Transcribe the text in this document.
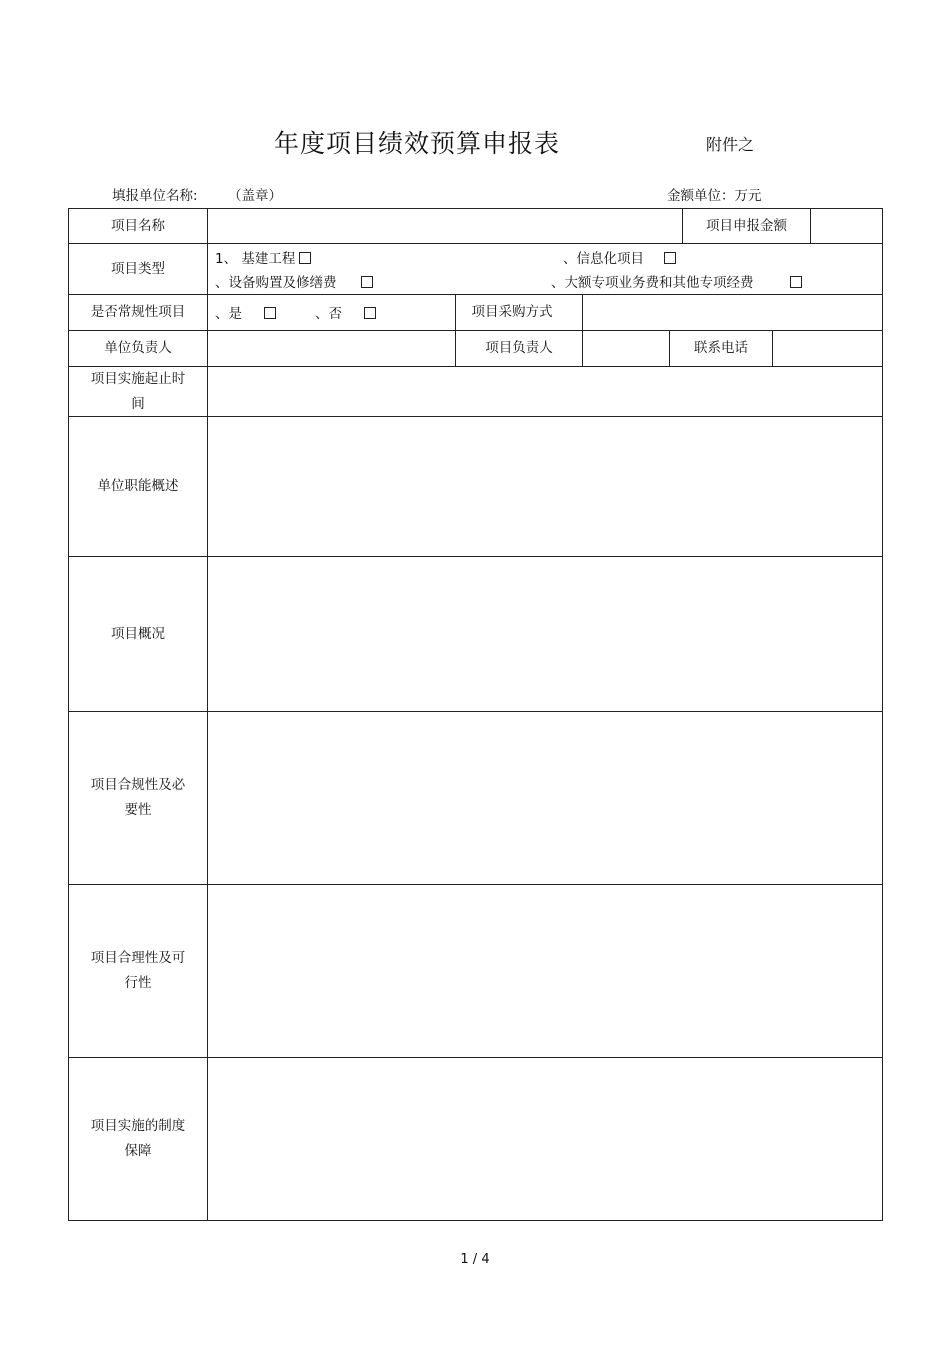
年度项目绩效预算申报表	附件之
填报单位名称: （盖章）	金额单位：万元
项目名称	项目申报金额
项目类型
1、 基建工程	、信息化项目
、设备购置及修缮费	、大额专项业务费和其他专项经费
是否常规性项目	、是	、否	项目采购方式
单位负责人	项目负责人	联系电话
项目实施起止时
间
单位职能概述
项目概况
项目合规性及必
要性
项目合理性及可
行性
项目实施的制度
保障
1 / 4
